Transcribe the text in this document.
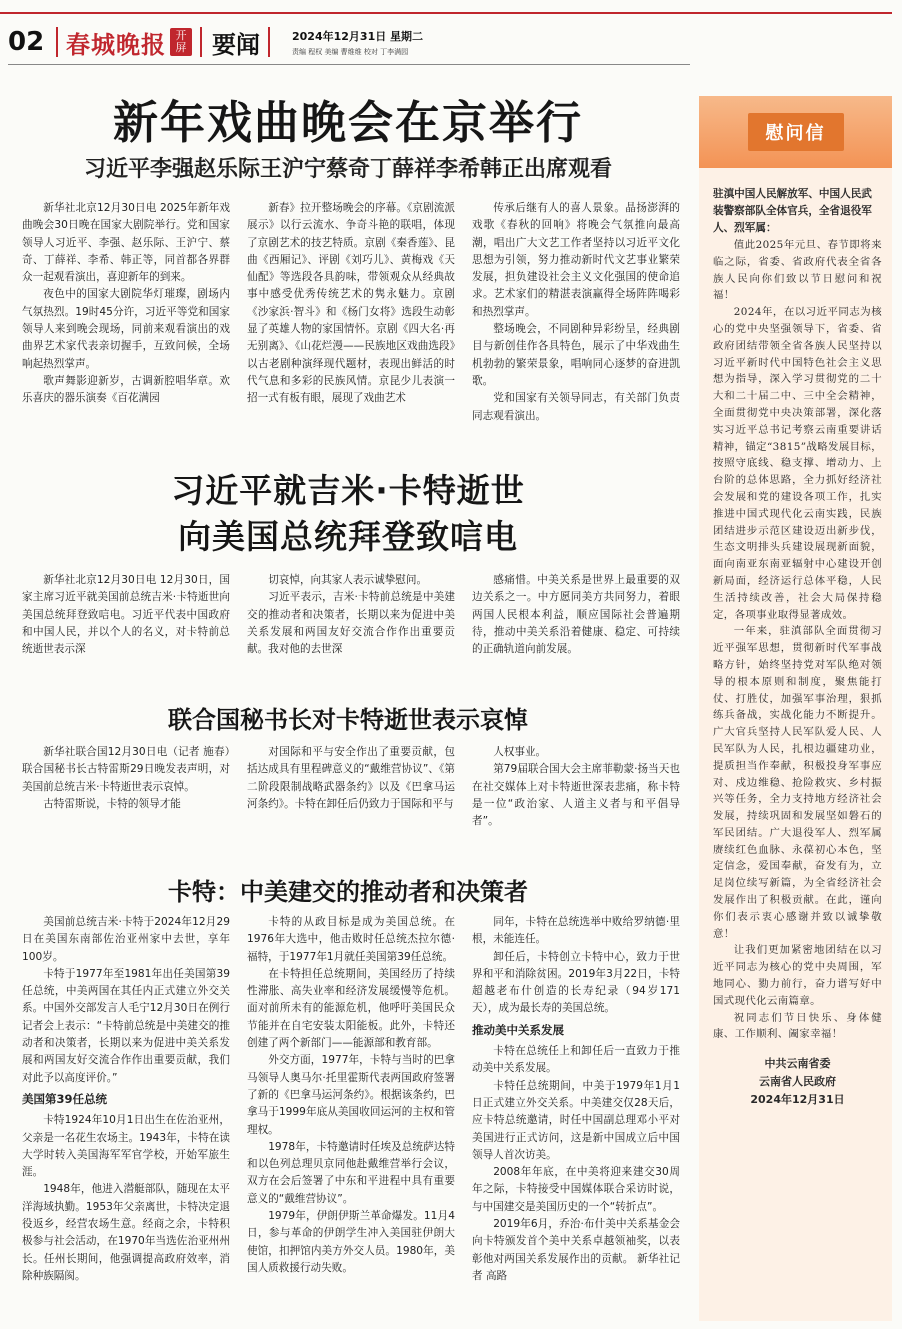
02 春城晚报 开屏 要闻	2024年12月31日 星期二
责编 程权 美编 曹维维 校对 丁李满园
新年戏曲晚会在京举行
习近平李强赵乐际王沪宁蔡奇丁薛祥李希韩正出席观看

新华社北京12月30日电 2025年新年戏曲晚会30日晚在国家大剧院举行。党和国家领导人习近平、李强、赵乐际、王沪宁、蔡奇、丁薛祥、李希、韩正等，同首都各界群众一起观看演出，喜迎新年的到来。

夜色中的国家大剧院华灯璀璨，剧场内气氛热烈。19时45分许，习近平等党和国家领导人来到晚会现场，同前来观看演出的戏曲界艺术家代表亲切握手，互致问候，全场响起热烈掌声。

歌声舞影迎新岁，古调新腔唱华章。欢乐喜庆的器乐演奏《百花满园

新春》拉开整场晚会的序幕。《京剧流派展示》以行云流水、争奇斗艳的联唱，体现了京剧艺术的技艺特质。京剧《秦香莲》、昆曲《西厢记》、评剧《刘巧儿》、黄梅戏《天仙配》等选段各具韵味，带领观众从经典故事中感受优秀传统艺术的隽永魅力。京剧《沙家浜·智斗》和《杨门女将》选段生动彰显了英雄人物的家国情怀。京剧《四大名·再无别离》、《山花烂漫——民族地区戏曲选段》以古老剧种演绎现代题材，表现出鲜活的时代气息和多彩的民族风情。京昆少儿表演一招一式有板有眼，展现了戏曲艺术

传承后继有人的喜人景象。晶扬澎湃的戏歌《春秋的回响》将晚会气氛推向最高潮，唱出广大文艺工作者坚持以习近平文化思想为引领，努力推动新时代文艺事业繁荣发展，担负建设社会主义文化强国的使命追求。艺术家们的精湛表演赢得全场阵阵喝彩和热烈掌声。

整场晚会，不同剧种异彩纷呈，经典剧目与新创佳作各具特色，展示了中华戏曲生机勃勃的繁荣景象，唱响同心逐梦的奋进凯歌。

党和国家有关领导同志，有关部门负责同志观看演出。

习近平就吉米·卡特逝世
向美国总统拜登致唁电

新华社北京12月30日电 12月30日，国家主席习近平就美国前总统吉米·卡特逝世向美国总统拜登致唁电。习近平代表中国政府和中国人民，并以个人的名义，对卡特前总统逝世表示深

切哀悼，向其家人表示诚挚慰问。

习近平表示，吉米·卡特前总统是中美建交的推动者和决策者，长期以来为促进中美关系发展和两国友好交流合作作出重要贡献。我对他的去世深

感痛惜。中美关系是世界上最重要的双边关系之一。中方愿同美方共同努力，着眼两国人民根本利益，顺应国际社会普遍期待，推动中美关系沿着健康、稳定、可持续的正确轨道向前发展。

联合国秘书长对卡特逝世表示哀悼

新华社联合国12月30日电（记者 施春）联合国秘书长古特雷斯29日晚发表声明，对美国前总统吉米·卡特逝世表示哀悼。

古特雷斯说，卡特的领导才能

对国际和平与安全作出了重要贡献，包括达成具有里程碑意义的“戴维营协议”、《第二阶段限制战略武器条约》以及《巴拿马运河条约》。卡特在卸任后仍致力于国际和平与

人权事业。

第79届联合国大会主席菲勒蒙·扬当天也在社交媒体上对卡特逝世深表悲痛，称卡特是一位“政治家、人道主义者与和平倡导者”。

卡特：中美建交的推动者和决策者

美国前总统吉米·卡特于2024年12月29日在美国东南部佐治亚州家中去世，享年100岁。

卡特于1977年至1981年出任美国第39任总统，中美两国在其任内正式建立外交关系。中国外交部发言人毛宁12月30日在例行记者会上表示：“卡特前总统是中美建交的推动者和决策者，长期以来为促进中美关系发展和两国友好交流合作作出重要贡献，我们对此予以高度评价。”

美国第39任总统

卡特1924年10月1日出生在佐治亚州，父亲是一名花生农场主。1943年，卡特在读大学时转入美国海军军官学校，开始军旅生涯。

1948年，他进入潜艇部队，随现在太平洋海域执勤。1953年父亲离世，卡特决定退役返乡，经营农场生意。经商之余，卡特积极参与社会活动，在1970年当选佐治亚州州长。任州长期间，他强调提高政府效率，消除种族隔阂。

卡特的从政目标是成为美国总统。在1976年大选中，他击败时任总统杰拉尔德·福特，于1977年1月就任美国第39任总统。

在卡特担任总统期间，美国经历了持续性滞胀、高失业率和经济发展缓慢等危机。面对前所未有的能源危机，他呼吁美国民众节能并在自宅安装太阳能板。此外，卡特还创建了两个新部门——能源部和教育部。

外交方面，1977年，卡特与当时的巴拿马领导人奥马尔·托里霍斯代表两国政府签署了新的《巴拿马运河条约》。根据该条约，巴拿马于1999年底从美国收回运河的主权和管理权。

1978年，卡特邀请时任埃及总统萨达特和以色列总理贝京同他赴戴维营举行会议，双方在会后签署了中东和平进程中具有重要意义的“戴维营协议”。

1979年，伊朗伊斯兰革命爆发。11月4日，参与革命的伊朗学生冲入美国驻伊朗大使馆，扣押馆内美方外交人员。1980年，美国人质救援行动失败。

同年，卡特在总统选举中败给罗纳德·里根，未能连任。

卸任后，卡特创立卡特中心，致力于世界和平和消除贫困。2019年3月22日，卡特超越老布什创造的长寿纪录（94岁171天），成为最长寿的美国总统。

推动美中关系发展

卡特在总统任上和卸任后一直致力于推动美中关系发展。

卡特任总统期间，中美于1979年1月1日正式建立外交关系。中美建交仅28天后，应卡特总统邀请，时任中国副总理邓小平对美国进行正式访问，这是新中国成立后中国领导人首次访美。

2008年年底，在中美将迎来建交30周年之际，卡特接受中国媒体联合采访时说，与中国建交是美国历史的一个“转折点”。

2019年6月，乔治·布什美中关系基金会向卡特颁发首个美中关系卓越领袖奖，以表彰他对两国关系发展作出的贡献。 新华社记者 高路

慰问信
驻滇中国人民解放军、中国人民武装警察部队全体官兵，全省退役军人、烈军属：

值此2025年元旦、春节即将来临之际，省委、省政府代表全省各族人民向你们致以节日慰问和祝福！

2024年，在以习近平同志为核心的党中央坚强领导下，省委、省政府团结带领全省各族人民坚持以习近平新时代中国特色社会主义思想为指导，深入学习贯彻党的二十大和二十届二中、三中全会精神，全面贯彻党中央决策部署，深化落实习近平总书记考察云南重要讲话精神，锚定“3815”战略发展目标，按照守底线、稳支撑、增动力、上台阶的总体思路，全力抓好经济社会发展和党的建设各项工作，扎实推进中国式现代化云南实践，民族团结进步示范区建设迈出新步伐，生态文明排头兵建设展现新面貌，面向南亚东南亚辐射中心建设开创新局面，经济运行总体平稳，人民生活持续改善，社会大局保持稳定，各项事业取得显著成效。

一年来，驻滇部队全面贯彻习近平强军思想，贯彻新时代军事战略方针，始终坚持党对军队绝对领导的根本原则和制度，聚焦能打仗、打胜仗，加强军事治理，狠抓练兵备战，实战化能力不断提升。广大官兵坚持人民军队爱人民、人民军队为人民，扎根边疆建功业，提质担当作奉献，积极投身军事应对、戍边维稳、抢险救灾、乡村振兴等任务，全力支持地方经济社会发展，持续巩固和发展坚如磐石的军民团结。广大退役军人、烈军属赓续红色血脉、永葆初心本色，坚定信念，爱国奉献，奋发有为，立足岗位续写新篇，为全省经济社会发展作出了积极贡献。在此，谨向你们表示衷心感谢并致以诚挚敬意！

让我们更加紧密地团结在以习近平同志为核心的党中央周围，军地同心、勠力前行，奋力谱写好中国式现代化云南篇章。

祝同志们节日快乐、身体健康、工作顺利、阖家幸福！

中共云南省委
云南省人民政府
2024年12月31日
